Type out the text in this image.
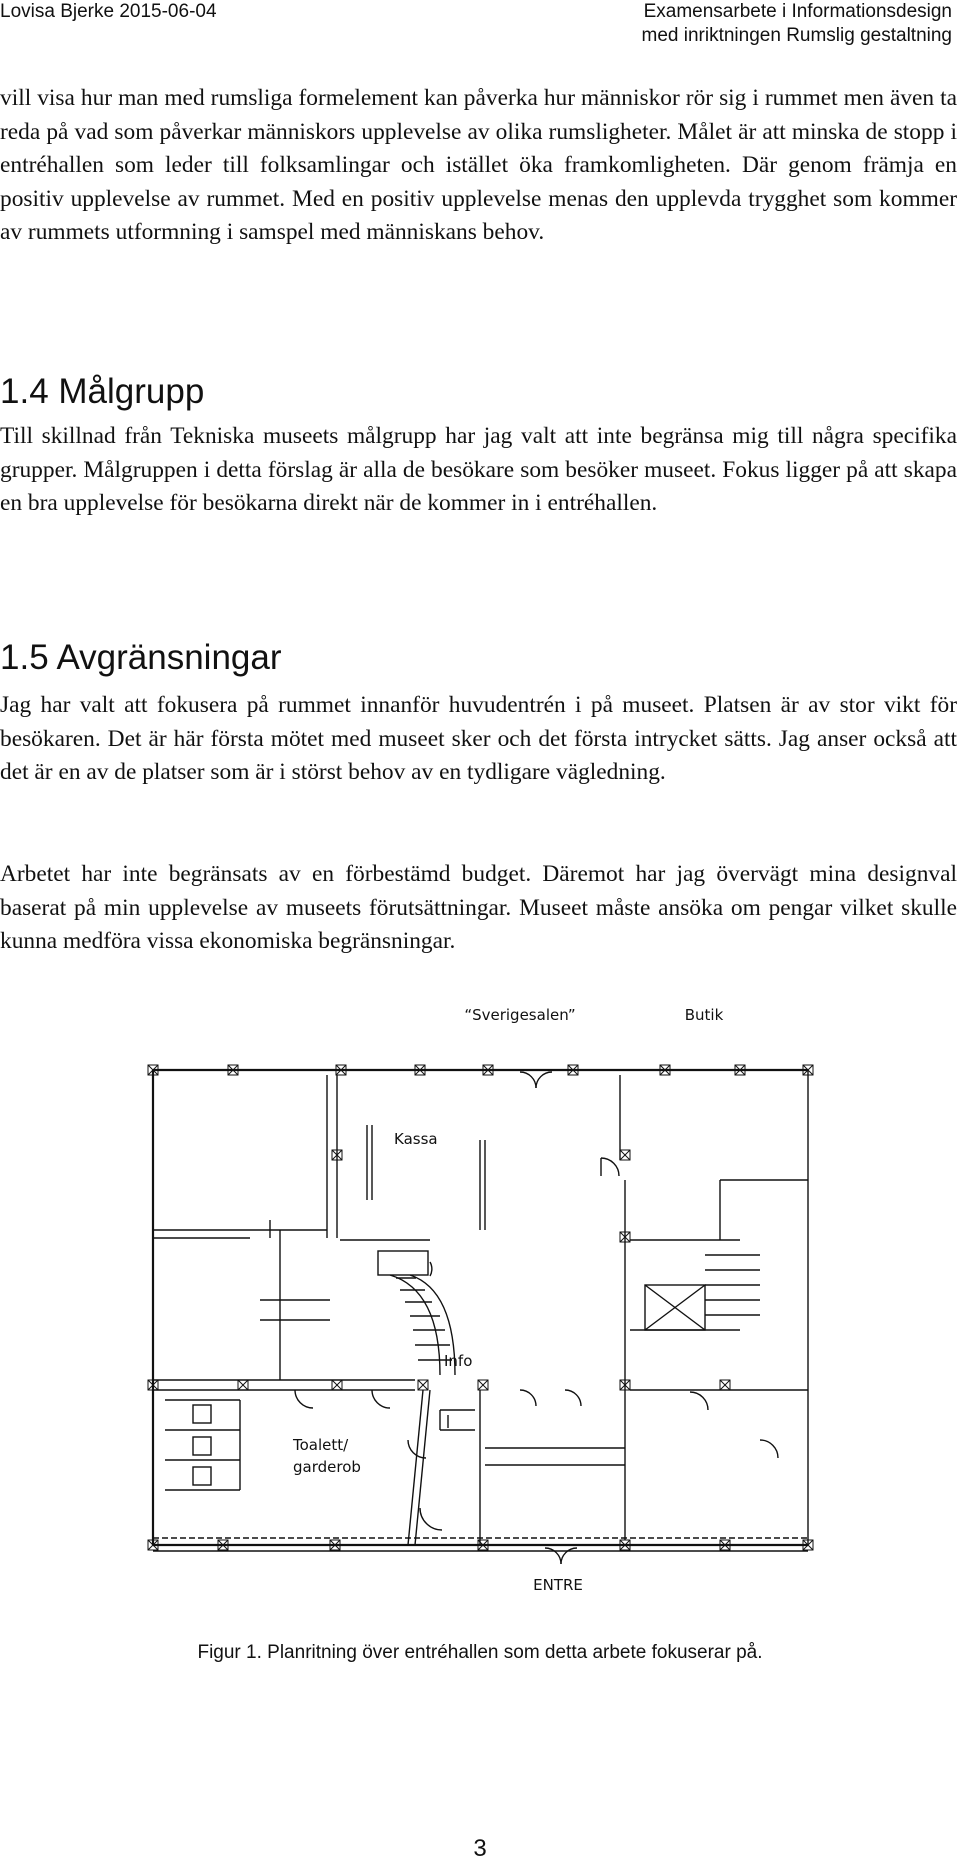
Lovisa Bjerke 2015-06-04	Examensarbete i Informationsdesign
med inriktningen Rumslig gestaltning

vill visa hur man med rumsliga formelement kan påverka hur människor rör sig i rummet men även ta reda på vad som påverkar människors upplevelse av olika rumsligheter. Målet är att minska de stopp i entréhallen som leder till folksamlingar och istället öka framkomligheten. Där genom främja en positiv upplevelse av rummet. Med en positiv upplevelse menas den upplevda trygghet som kommer av rummets utformning i samspel med människans behov.

1.4 Målgrupp

Till skillnad från Tekniska museets målgrupp har jag valt att inte begränsa mig till några specifika grupper. Målgruppen i detta förslag är alla de besökare som besöker museet. Fokus ligger på att skapa en bra upplevelse för besökarna direkt när de kommer in i entréhallen.

1.5 Avgränsningar

Jag har valt att fokusera på rummet innanför huvudentrén i på museet. Platsen är av stor vikt för besökaren. Det är här första mötet med museet sker och det första intrycket sätts. Jag anser också att det är en av de platser som är i störst behov av en tydligare vägledning.

Arbetet har inte begränsats av en förbestämd budget. Däremot har jag övervägt mina designval baserat på min upplevelse av museets förutsättningar. Museet måste ansöka om pengar vilket skulle kunna medföra vissa ekonomiska begränsningar.

“Sverigesalen”	Butik
Kassa
Info
Toalett/
garderob
ENTRE
Figur 1. Planritning över entréhallen som detta arbete fokuserar på.
3
